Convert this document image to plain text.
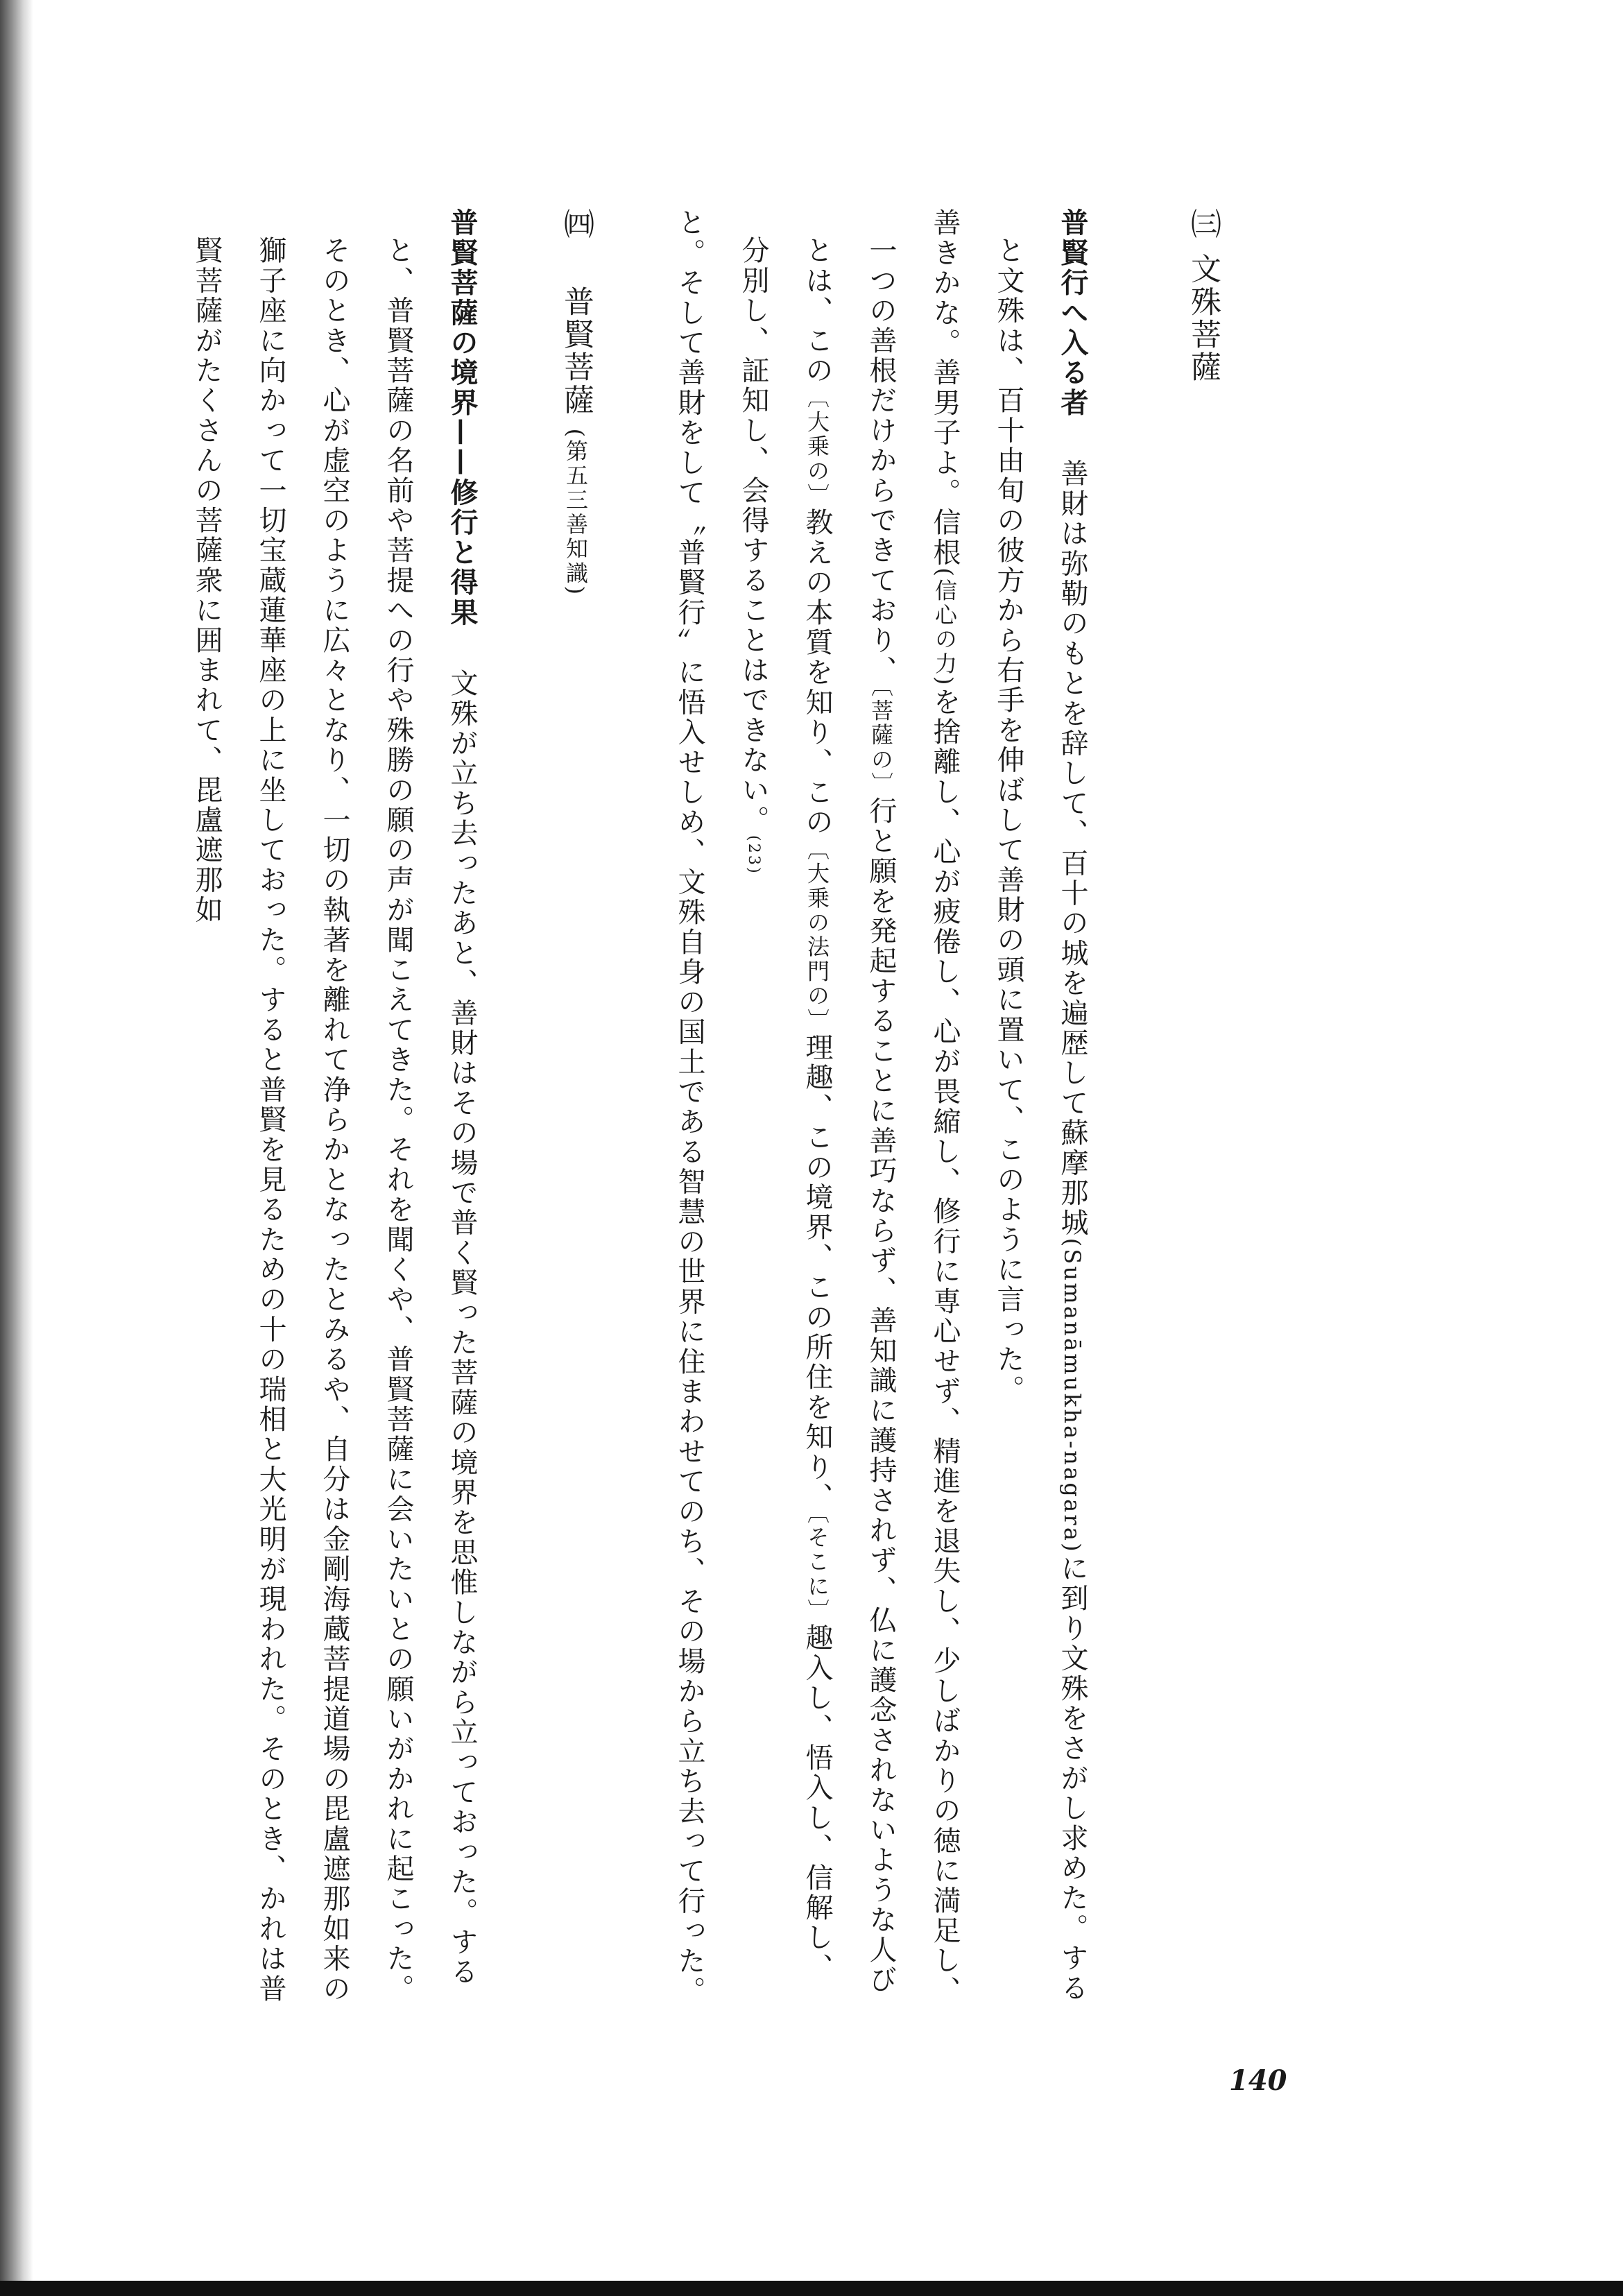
㈢ 文殊菩薩

普賢行へ入る者　 善財は弥勒のもとを辞して、百十の城を遍歴して蘇摩那城(Sumanāmukha-nagara)に到り文殊をさがし求めた。すると文殊は、百十由旬の彼方から右手を伸ばして善財の頭に置いて、このように言った。

善きかな。善男子よ。信根(信心の力)を捨離し、心が疲倦し、心が畏縮し、修行に専心せず、精進を退失し、少しばかりの徳に満足し、一つの善根だけからできており、〔菩薩の〕行と願を発起することに善巧ならず、善知識に護持されず、仏に護念されないような人びとは、この〔大乗の〕教えの本質を知り、この〔大乗の法門の〕理趣、この境界、この所住を知り、〔そこに〕趣入し、悟入し、信解し、分別し、証知し、会得することはできない。(23)

と。そして善財をして〝普賢行〟に悟入せしめ、文殊自身の国土である智慧の世界に住まわせてのち、その場から立ち去って行った。

㈣　 普賢菩薩 (第五三善知識)

普賢菩薩の境界——修行と得果　 文殊が立ち去ったあと、善財はその場で普く賢った菩薩の境界を思惟しながら立っておった。すると、普賢菩薩の名前や菩提への行や殊勝の願の声が聞こえてきた。それを聞くや、普賢菩薩に会いたいとの願いがかれに起こった。そのとき、心が虚空のように広々となり、一切の執著を離れて浄らかとなったとみるや、自分は金剛海蔵菩提道場の毘盧遮那如来の獅子座に向かって一切宝蔵蓮華座の上に坐しておった。すると普賢を見るための十の瑞相と大光明が現われた。そのとき、かれは普賢菩薩がたくさんの菩薩衆に囲まれて、毘盧遮那如

140
